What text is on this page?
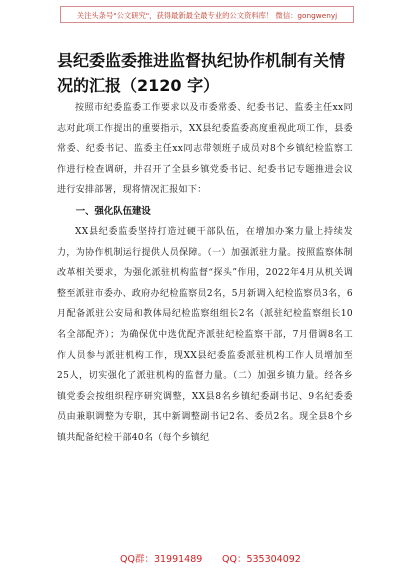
关注头条号"公文研究"，获得最新最全最专业的公文资料库！ 微信：gongwenyj
县纪委监委推进监督执纪协作机制有关情况的汇报（2120 字）

按照市纪委监委工作要求以及市委常委、纪委书记、监委主任xx同志对此项工作提出的重要指示，XX县纪委监委高度重视此项工作，县委常委、纪委书记、监委主任xx同志带领班子成员对8个乡镇纪检监察工作进行检查调研，并召开了全县乡镇党委书记、纪委书记专题推进会议进行安排部署，现将情况汇报如下：

一、强化队伍建设

XX县纪委监委坚持打造过硬干部队伍，在增加办案力量上持续发力，为协作机制运行提供人员保障。（一）加强派驻力量。按照监察体制改革相关要求，为强化派驻机构监督“探头”作用，2022年4月从机关调整至派驻市委办、政府办纪检监察员2名，5月新调入纪检监察员3名，6月配备派驻公安局和教体局纪检监察组组长2名（派驻纪检监察组长10名全部配齐）；为确保优中选优配齐派驻纪检监察干部，7月借调8名工作人员参与派驻机构工作，现XX县纪委监委派驻机构工作人员增加至25人，切实强化了派驻机构的监督力量。（二）加强乡镇力量。经各乡镇党委会按组织程序研究调整，XX县8名乡镇纪委副书记、9名纪委委员由兼职调整为专职，其中新调整副书记2名、委员2名。现全县8个乡镇共配备纪检干部40名（每个乡镇纪

QQ群：31991489 QQ：535304092
